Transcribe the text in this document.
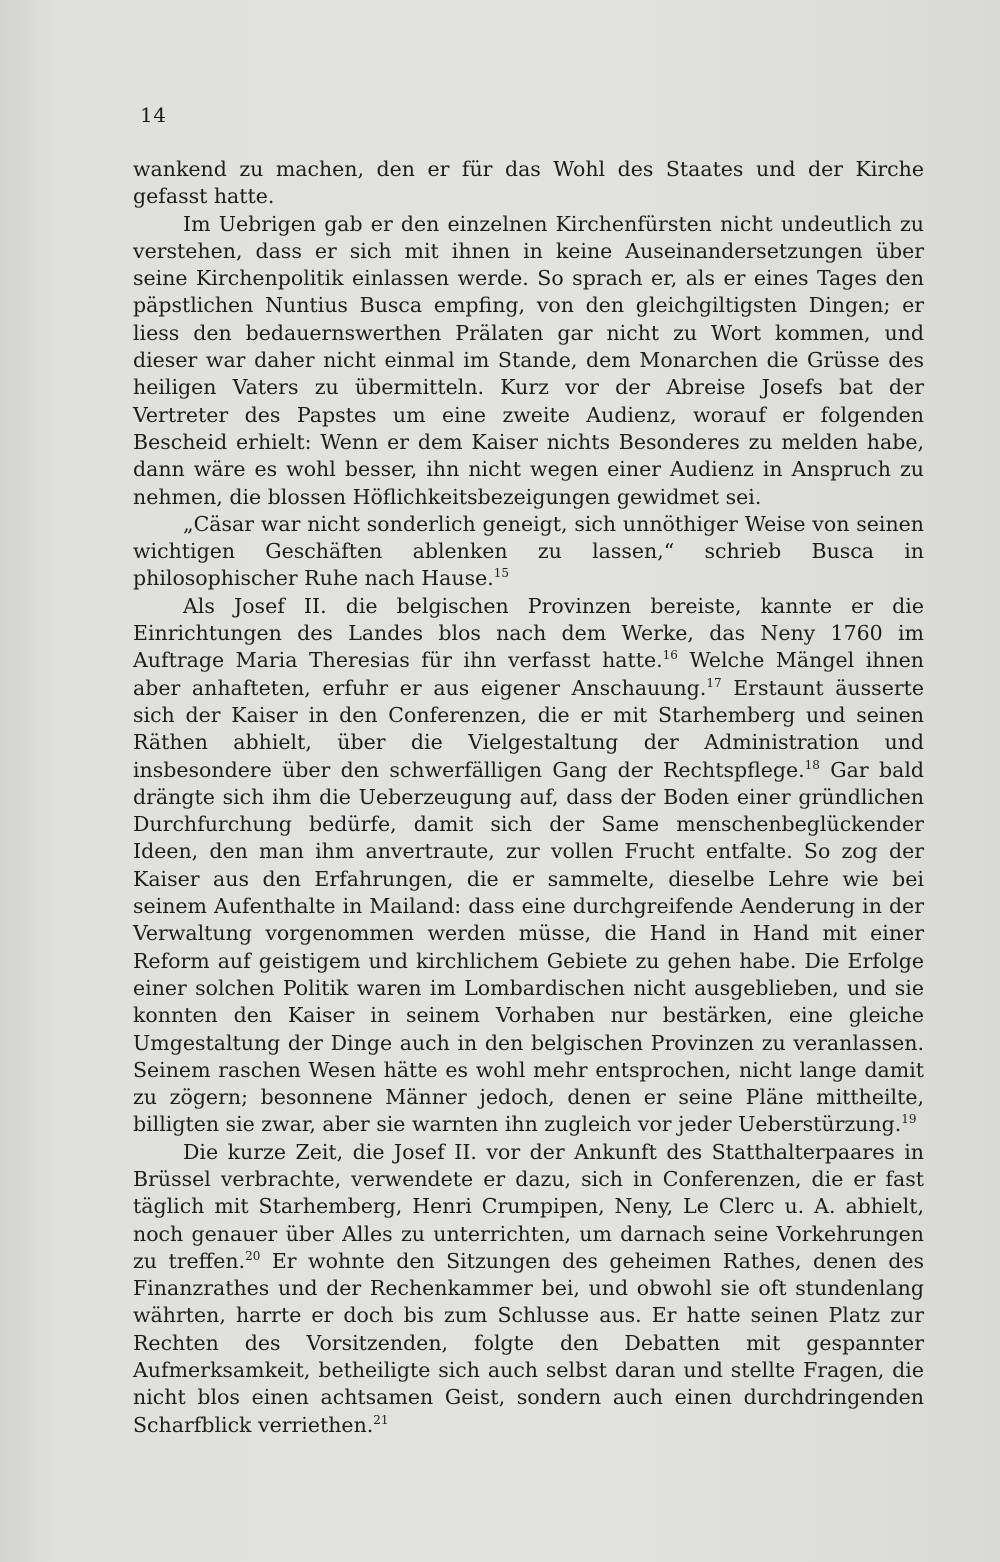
14

wankend zu machen, den er für das Wohl des Staates und der Kirche gefasst hatte.

Im Uebrigen gab er den einzelnen Kirchenfürsten nicht undeutlich zu verstehen, dass er sich mit ihnen in keine Auseinandersetzungen über seine Kirchenpolitik einlassen werde. So sprach er, als er eines Tages den päpstlichen Nuntius Busca empfing, von den gleichgiltigsten Dingen; er liess den bedauernswerthen Prälaten gar nicht zu Wort kommen, und dieser war daher nicht einmal im Stande, dem Monarchen die Grüsse des heiligen Vaters zu übermitteln. Kurz vor der Abreise Josefs bat der Vertreter des Papstes um eine zweite Audienz, worauf er folgenden Bescheid erhielt: Wenn er dem Kaiser nichts Besonderes zu melden habe, dann wäre es wohl besser, ihn nicht wegen einer Audienz in Anspruch zu nehmen, die blossen Höflichkeitsbezeigungen gewidmet sei.

„Cäsar war nicht sonderlich geneigt, sich unnöthiger Weise von seinen wichtigen Geschäften ablenken zu lassen,“ schrieb Busca in philosophischer Ruhe nach Hause.$^{15}$

Als Josef II. die belgischen Provinzen bereiste, kannte er die Einrichtungen des Landes blos nach dem Werke, das Neny 1760 im Auftrage Maria Theresias für ihn verfasst hatte.$^{16}$ Welche Mängel ihnen aber anhafteten, erfuhr er aus eigener Anschauung.$^{17}$ Erstaunt äusserte sich der Kaiser in den Conferenzen, die er mit Starhemberg und seinen Räthen abhielt, über die Vielgestaltung der Administration und insbesondere über den schwerfälligen Gang der Rechtspflege.$^{18}$ Gar bald drängte sich ihm die Ueberzeugung auf, dass der Boden einer gründlichen Durchfurchung bedürfe, damit sich der Same menschenbeglückender Ideen, den man ihm anvertraute, zur vollen Frucht entfalte. So zog der Kaiser aus den Erfahrungen, die er sammelte, dieselbe Lehre wie bei seinem Aufenthalte in Mailand: dass eine durchgreifende Aenderung in der Verwaltung vorgenommen werden müsse, die Hand in Hand mit einer Reform auf geistigem und kirchlichem Gebiete zu gehen habe. Die Erfolge einer solchen Politik waren im Lombardischen nicht ausgeblieben, und sie konnten den Kaiser in seinem Vorhaben nur bestärken, eine gleiche Umgestaltung der Dinge auch in den belgischen Provinzen zu veranlassen. Seinem raschen Wesen hätte es wohl mehr entsprochen, nicht lange damit zu zögern; besonnene Männer jedoch, denen er seine Pläne mittheilte, billigten sie zwar, aber sie warnten ihn zugleich vor jeder Ueberstürzung.$^{19}$

Die kurze Zeit, die Josef II. vor der Ankunft des Statthalterpaares in Brüssel verbrachte, verwendete er dazu, sich in Conferenzen, die er fast täglich mit Starhemberg, Henri Crumpipen, Neny, Le Clerc u. A. abhielt, noch genauer über Alles zu unterrichten, um darnach seine Vorkehrungen zu treffen.$^{20}$ Er wohnte den Sitzungen des geheimen Rathes, denen des Finanzrathes und der Rechenkammer bei, und obwohl sie oft stundenlang währten, harrte er doch bis zum Schlusse aus. Er hatte seinen Platz zur Rechten des Vorsitzenden, folgte den Debatten mit gespannter Aufmerksamkeit, betheiligte sich auch selbst daran und stellte Fragen, die nicht blos einen achtsamen Geist, sondern auch einen durchdringenden Scharfblick verriethen.$^{21}$
